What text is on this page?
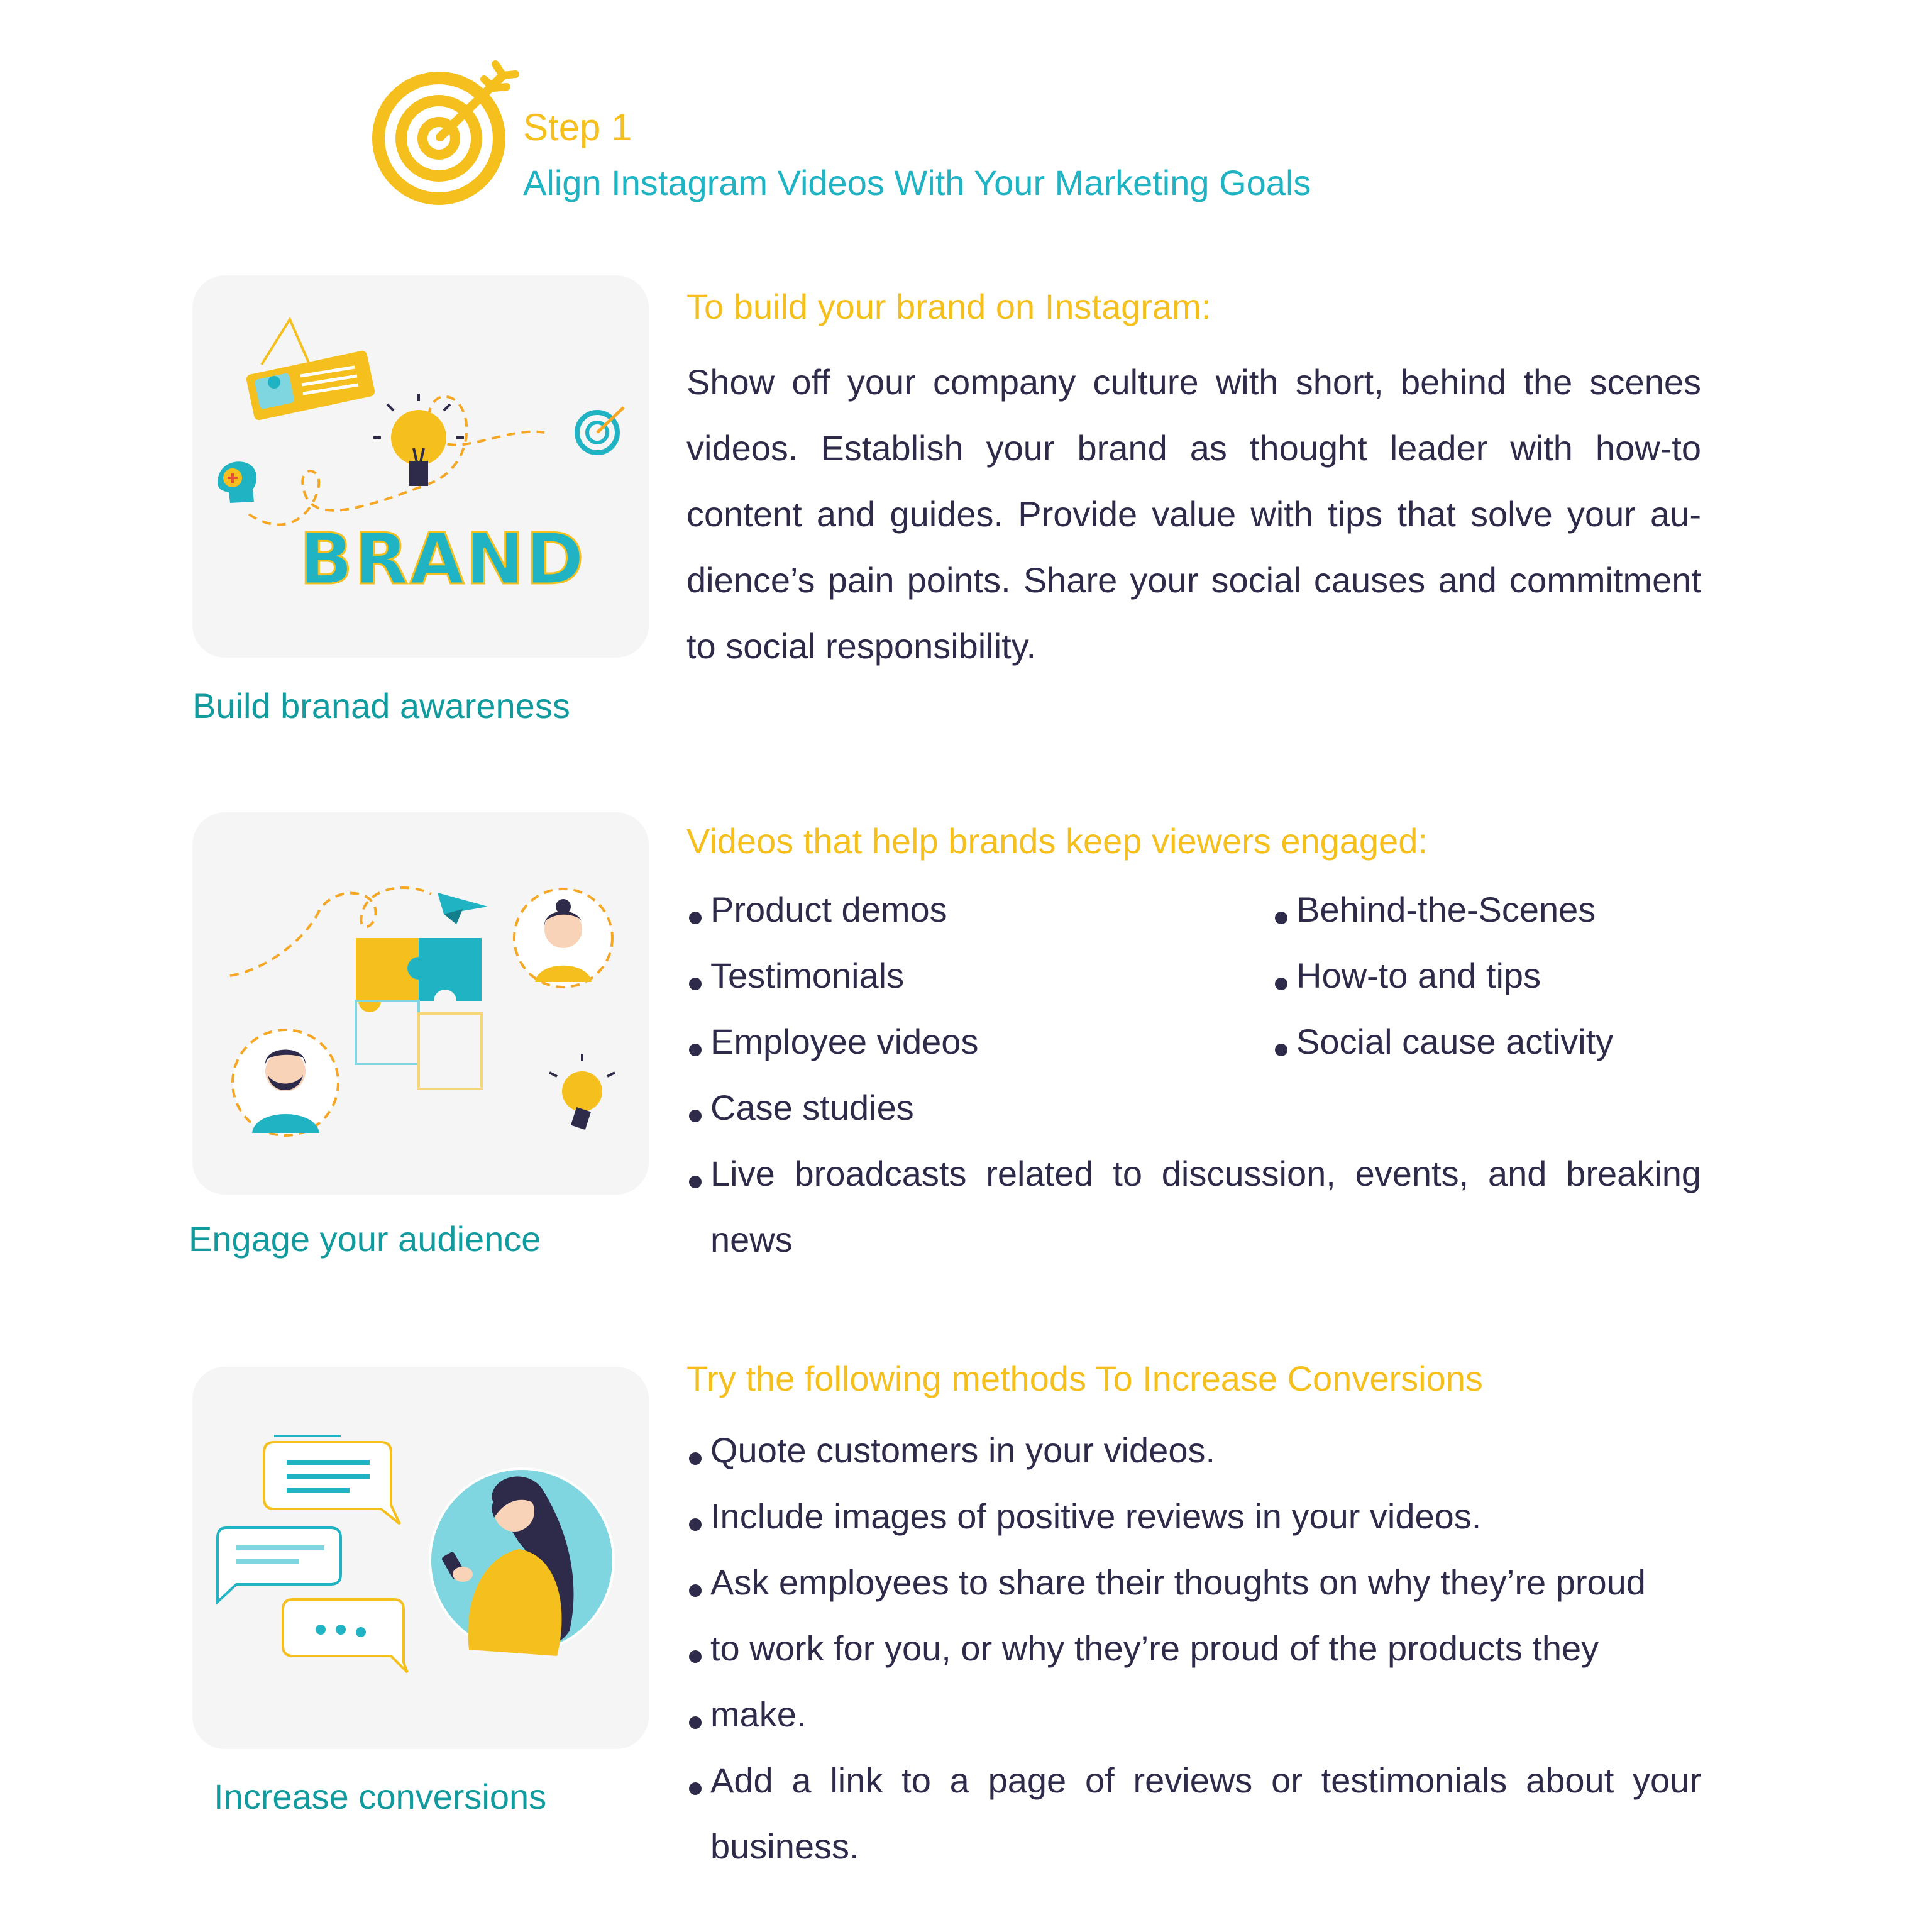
Step 1
Align Instagram Videos With Your Marketing Goals
BRAND
Build branad awareness
To build your brand on Instagram:
Show off your company culture with short, behind the scenes videos. Establish your brand as thought leader with how-to content and guides. Provide value with tips that solve your au-dience’s pain points. Share your social causes and commitment to social responsibility.
Engage your audience
Videos that help brands keep viewers engaged:
Product demos
Testimonials
Employee videos
Case studies
Behind-the-Scenes
How-to and tips
Social cause activity
Live broadcasts related to discussion, events, and breaking news
Increase conversions
Try the following methods To Increase Conversions
Quote customers in your videos.
Include images of positive reviews in your videos.
Ask employees to share their thoughts on why they’re proud
to work for you, or why they’re proud of the products they
make.
Add a link to a page of reviews or testimonials about your business.
